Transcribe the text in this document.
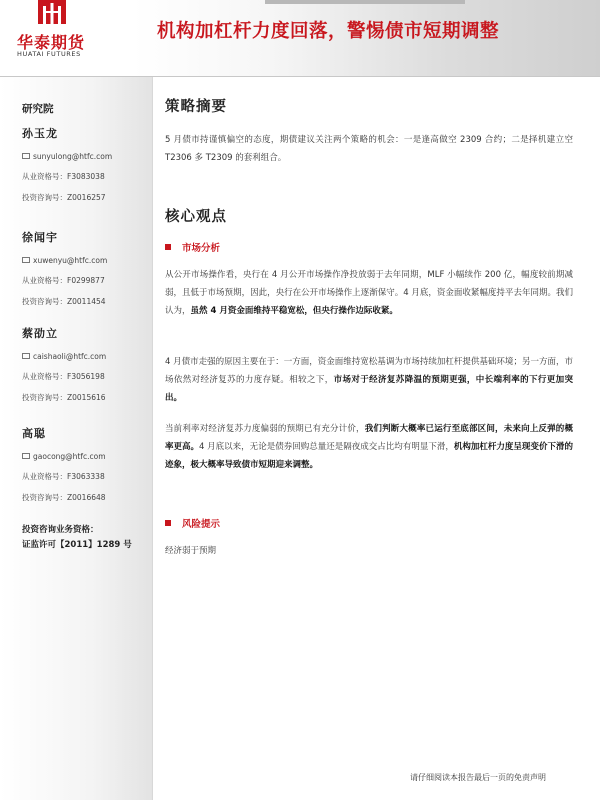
华泰期货
HUATAI FUTURES
机构加杠杆力度回落，警惕债市短期调整
研究院
孙玉龙
sunyulong@htfc.com
从业资格号：F3083038
投资咨询号：Z0016257
徐闻宇
xuwenyu@htfc.com
从业资格号：F0299877
投资咨询号：Z0011454
蔡劭立
caishaoli@htfc.com
从业资格号：F3056198
投资咨询号：Z0015616
高聪
gaocong@htfc.com
从业资格号：F3063338
投资咨询号：Z0016648
投资咨询业务资格：
证监许可【2011】1289 号
策略摘要
5 月债市持谨慎偏空的态度，期债建议关注两个策略的机会：一是逢高做空 2309 合约；二是择机建立空 T2306 多 T2309 的套利组合。
核心观点
市场分析
从公开市场操作看，央行在 4 月公开市场操作净投放弱于去年同期，MLF 小幅续作 200 亿，幅度较前期减弱，且低于市场预期，因此，央行在公开市场操作上逐渐保守。4 月底，资金面收紧幅度持平去年同期。我们认为，虽然 4 月资金面维持平稳宽松，但央行操作边际收紧。
4 月债市走强的原因主要在于：一方面，资金面维持宽松基调为市场持续加杠杆提供基础环境；另一方面，市场依然对经济复苏的力度存疑。相较之下，市场对于经济复苏降温的预期更强，中长端利率的下行更加突出。
当前利率对经济复苏力度偏弱的预期已有充分计价，我们判断大概率已运行至底部区间，未来向上反弹的概率更高。4 月底以来，无论是债券回购总量还是隔夜成交占比均有明显下滑，机构加杠杆力度呈现变价下滑的迹象，极大概率导致债市短期迎来调整。
风险提示
经济弱于预期
请仔细阅读本报告最后一页的免责声明
